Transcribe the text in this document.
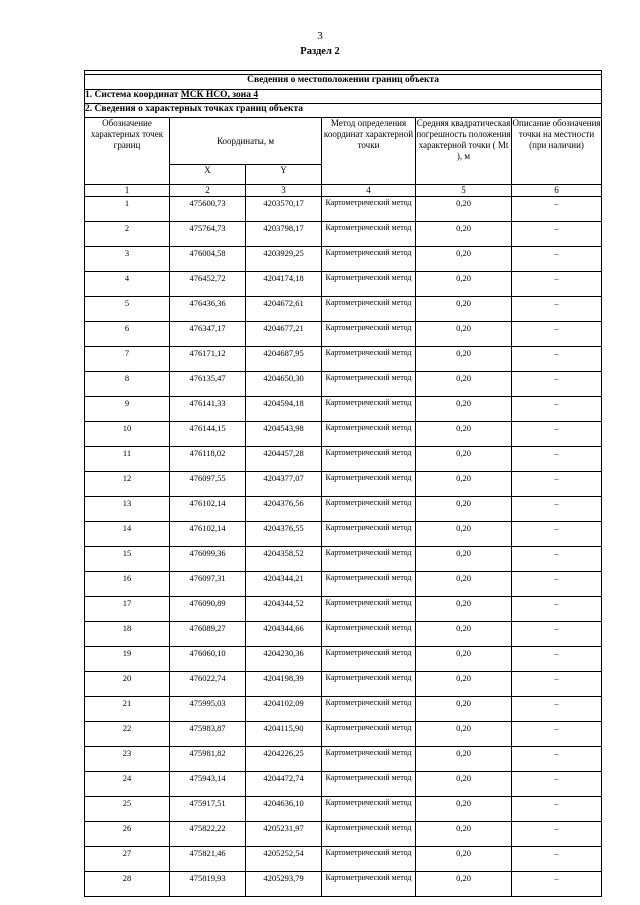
3
Раздел 2

Сведения о местоположении границ объекта					
1. Система координат МСК НСО, зона 4					
2. Сведения о характерных точках границ объекта					
Обозначение характерных точек границ	Координаты, м		Метод определения координат характерной точки	Средняя квадратическая погрешность положения характерной точки ( Mt ), м	Описание обозначения точки на местности (при наличии)
	X	Y			
1	2	3	4	5	6
1	475600,73	4203570,17	Картометрический метод	0,20	–
2	475764,73	4203798,17	Картометрический метод	0,20	–
3	476004,58	4203929,25	Картометрический метод	0,20	–
4	476452,72	4204174,18	Картометрический метод	0,20	–
5	476436,36	4204672,61	Картометрический метод	0,20	–
6	476347,17	4204677,21	Картометрический метод	0,20	–
7	476171,12	4204687,95	Картометрический метод	0,20	–
8	476135,47	4204650,30	Картометрический метод	0,20	–
9	476141,33	4204594,18	Картометрический метод	0,20	–
10	476144,15	4204543,98	Картометрический метод	0,20	–
11	476118,02	4204457,28	Картометрический метод	0,20	–
12	476097,55	4204377,07	Картометрический метод	0,20	–
13	476102,14	4204376,56	Картометрический метод	0,20	–
14	476102,14	4204376,55	Картометрический метод	0,20	–
15	476099,36	4204358,52	Картометрический метод	0,20	–
16	476097,31	4204344,21	Картометрический метод	0,20	–
17	476090,89	4204344,52	Картометрический метод	0,20	–
18	476089,27	4204344,66	Картометрический метод	0,20	–
19	476060,10	4204230,36	Картометрический метод	0,20	–
20	476022,74	4204198,39	Картометрический метод	0,20	–
21	475995,03	4204102,09	Картометрический метод	0,20	–
22	475983,87	4204115,90	Картометрический метод	0,20	–
23	475981,82	4204226,25	Картометрический метод	0,20	–
24	475943,14	4204472,74	Картометрический метод	0,20	–
25	475917,51	4204636,10	Картометрический метод	0,20	–
26	475822,22	4205231,97	Картометрический метод	0,20	–
27	475821,46	4205252,54	Картометрический метод	0,20	–
28	475819,93	4205293,79	Картометрический метод	0,20	–
